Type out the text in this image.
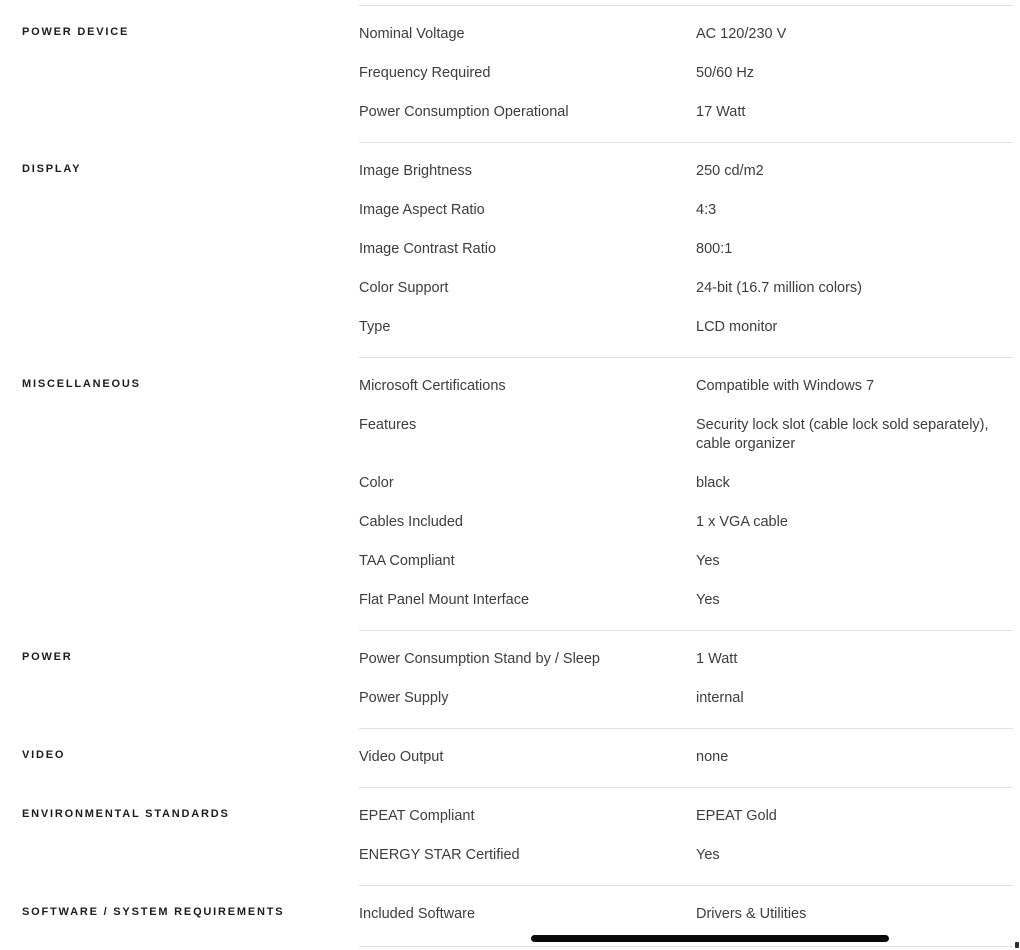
POWER DEVICE	Nominal Voltage	AC 120/230 V
Frequency Required	50/60 Hz
Power Consumption Operational	17 Watt
DISPLAY	Image Brightness	250 cd/m2
Image Aspect Ratio	4:3
Image Contrast Ratio	800:1
Color Support	24-bit (16.7 million colors)
Type	LCD monitor
MISCELLANEOUS	Microsoft Certifications	Compatible with Windows 7
Features	Security lock slot (cable lock sold separately), cable organizer
Color	black
Cables Included	1 x VGA cable
TAA Compliant	Yes
Flat Panel Mount Interface	Yes
POWER	Power Consumption Stand by / Sleep	1 Watt
Power Supply	internal
VIDEO	Video Output	none
ENVIRONMENTAL STANDARDS	EPEAT Compliant	EPEAT Gold
ENERGY STAR Certified	Yes
SOFTWARE / SYSTEM REQUIREMENTS	Included Software	Drivers & Utilities
